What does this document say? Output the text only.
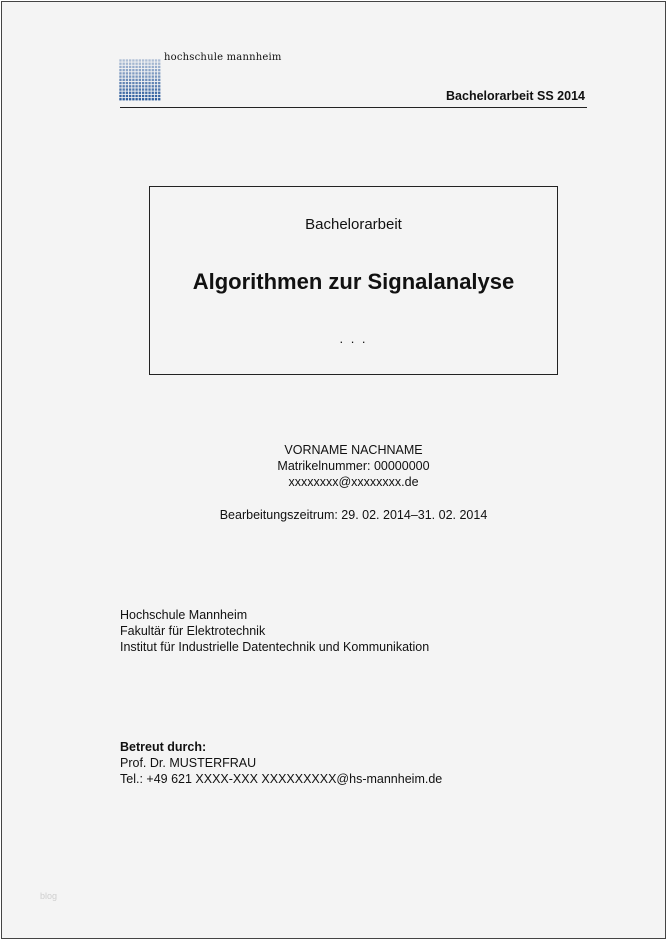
hochschule mannheim
Bachelorarbeit SS 2014
Bachelorarbeit
Algorithmen zur Signalanalyse
. . .
VORNAME NACHNAME
Matrikelnummer: 00000000
xxxxxxxx@xxxxxxxx.de
Bearbeitungszeitrum: 29. 02. 2014–31. 02. 2014
Hochschule Mannheim
Fakultär für Elektrotechnik
Institut für Industrielle Datentechnik und Kommunikation
Betreut durch:
Prof. Dr. MUSTERFRAU
Tel.: +49 621 XXXX-XXX XXXXXXXXX@hs-mannheim.de
blog
